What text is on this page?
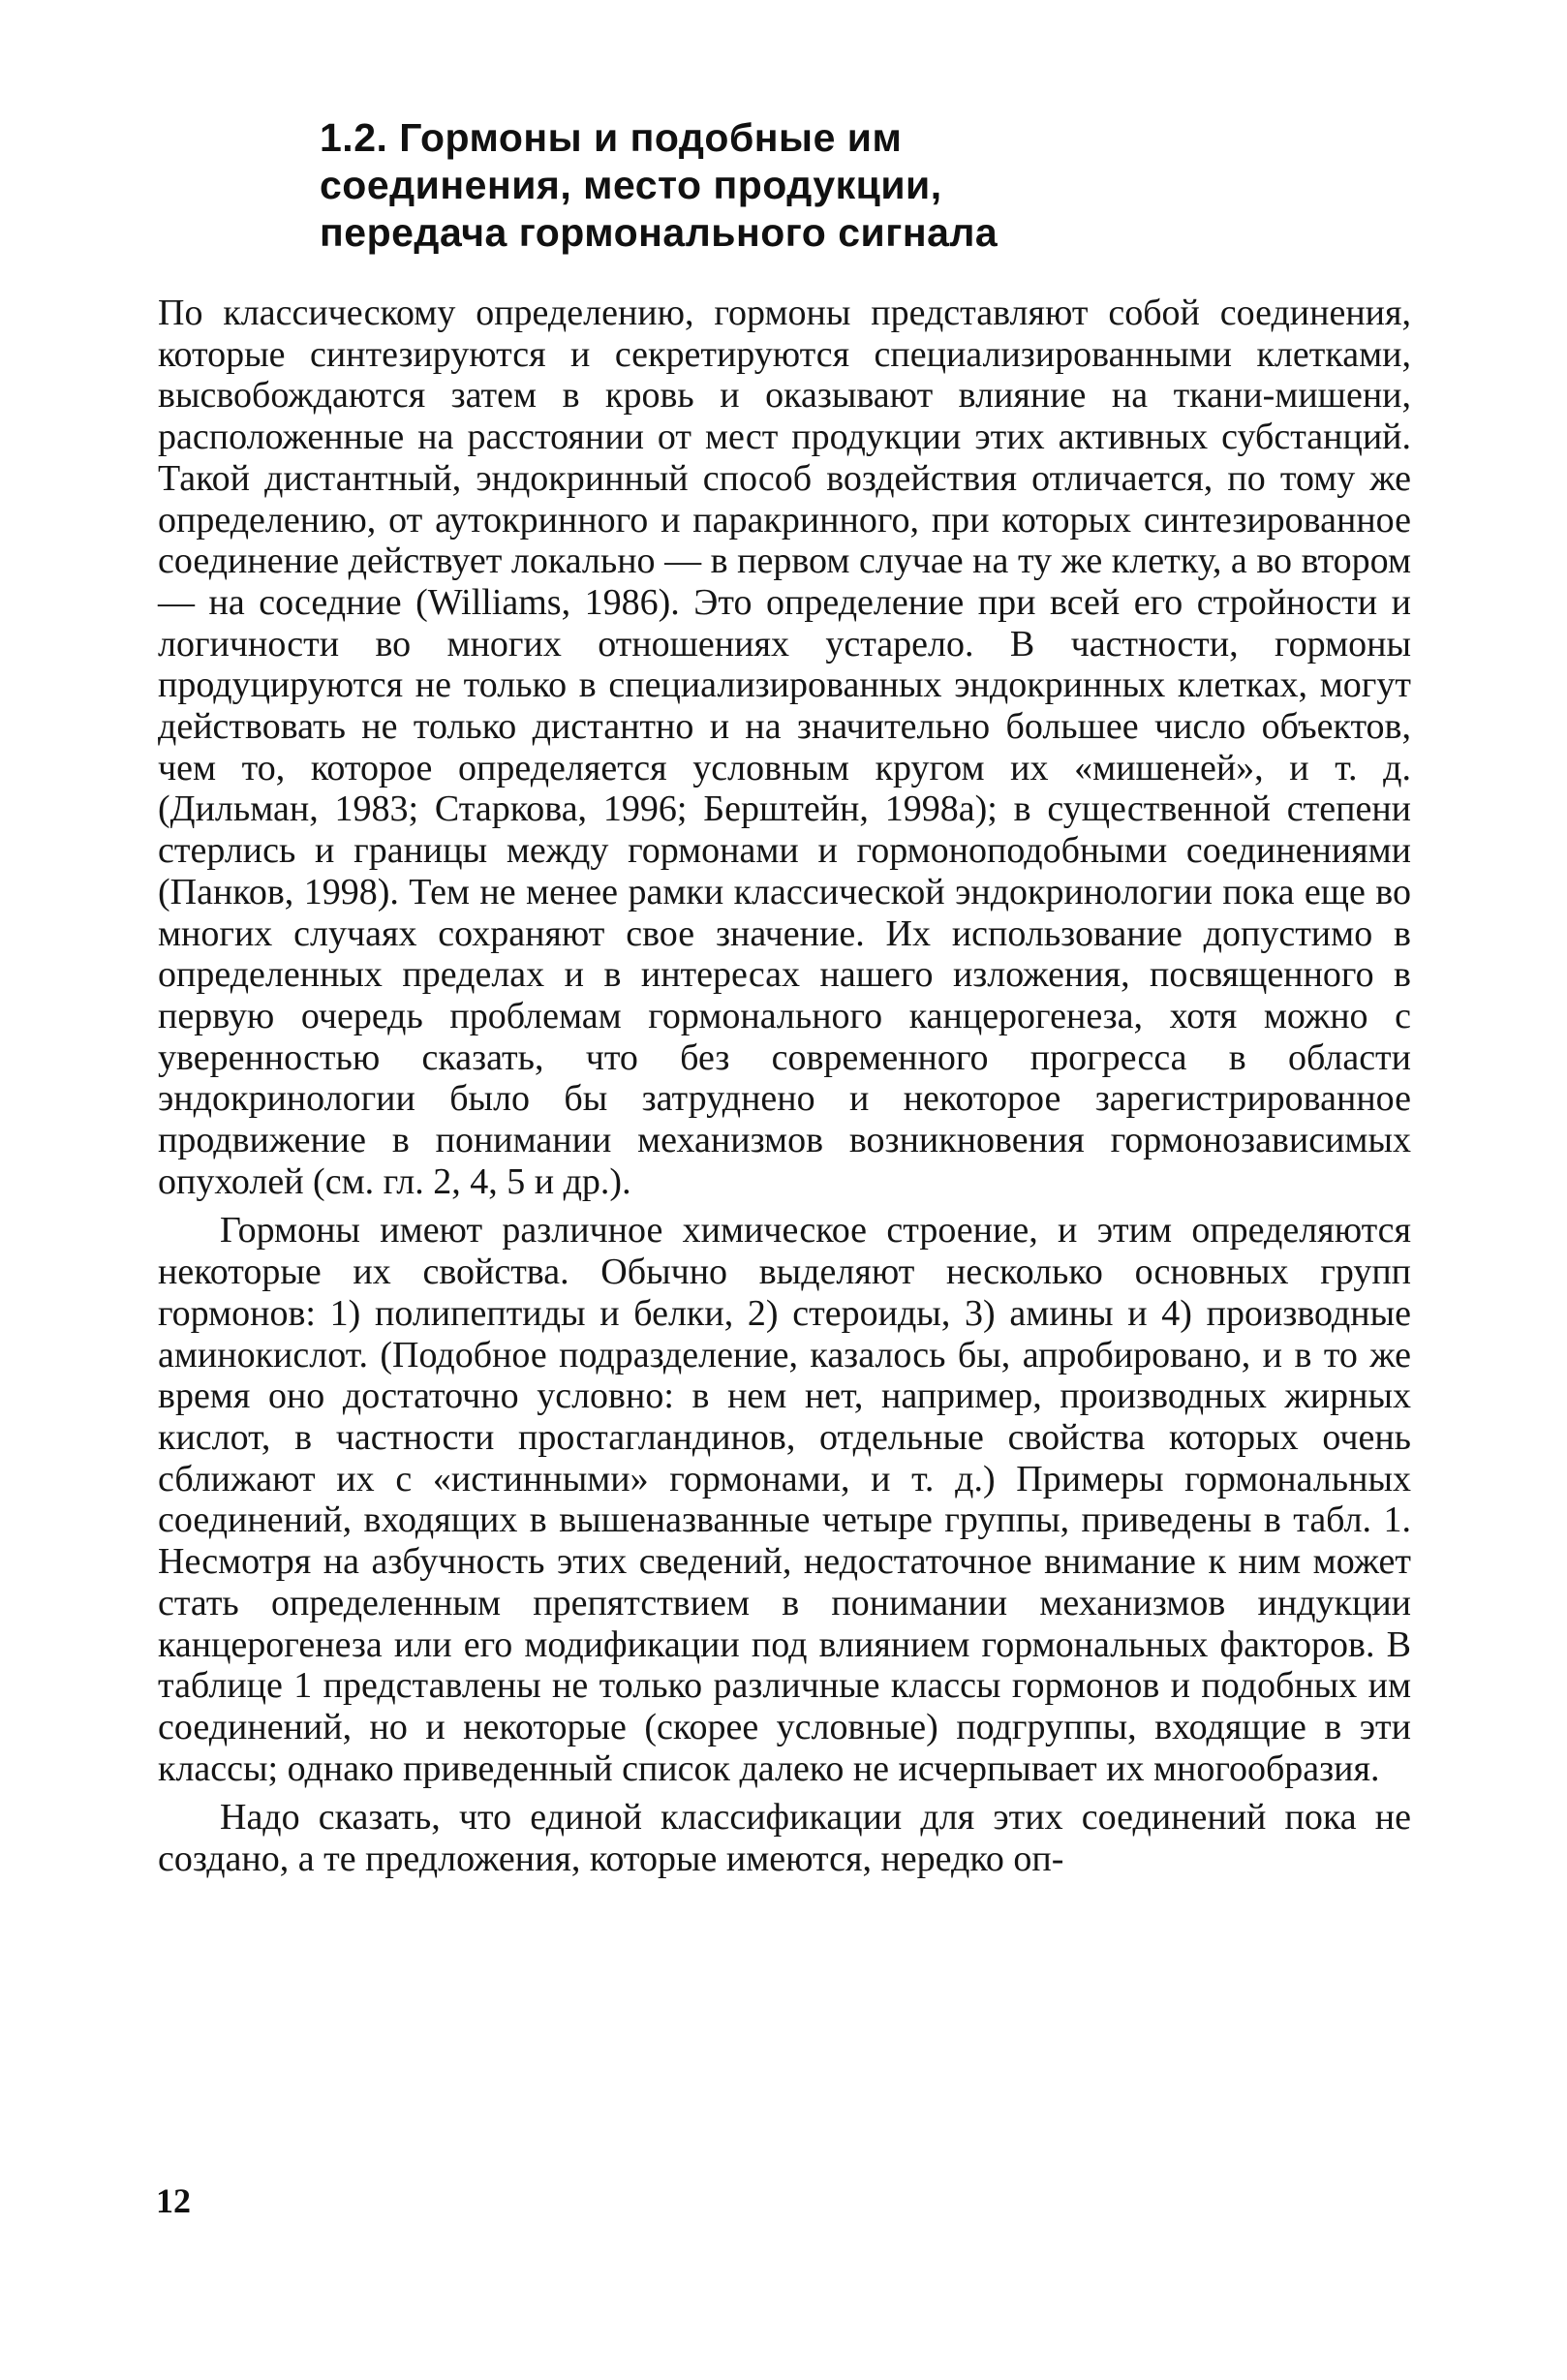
1.2. Гормоны и подобные им
соединения, место продукции,
передача гормонального сигнала

По классическому определению, гормоны представляют собой соединения, которые синтезируются и секретируются специализированными клетками, высвобождаются затем в кровь и оказывают влияние на ткани-мишени, расположенные на расстоянии от мест продукции этих активных субстанций. Такой дистантный, эндокринный способ воздействия отличается, по тому же определению, от аутокринного и паракринного, при которых синтезированное соединение действует локально — в первом случае на ту же клетку, а во втором — на соседние (Williams, 1986). Это определение при всей его стройности и логичности во многих отношениях устарело. В частности, гормоны продуцируются не только в специализированных эндокринных клетках, могут действовать не только дистантно и на значительно большее число объектов, чем то, которое определяется условным кругом их «мишеней», и т. д. (Дильман, 1983; Старкова, 1996; Берштейн, 1998а); в существенной степени стерлись и границы между гормонами и гормоноподобными соединениями (Панков, 1998). Тем не менее рамки классической эндокринологии пока еще во многих случаях сохраняют свое значение. Их использование допустимо в определенных пределах и в интересах нашего изложения, посвященного в первую очередь проблемам гормонального канцерогенеза, хотя можно с уверенностью сказать, что без современного прогресса в области эндокринологии было бы затруднено и некоторое зарегистрированное продвижение в понимании механизмов возникновения гормонозависимых опухолей (см. гл. 2, 4, 5 и др.).

Гормоны имеют различное химическое строение, и этим определяются некоторые их свойства. Обычно выделяют несколько основных групп гормонов: 1) полипептиды и белки, 2) стероиды, 3) амины и 4) производные аминокислот. (Подобное подразделение, казалось бы, апробировано, и в то же время оно достаточно условно: в нем нет, например, производных жирных кислот, в частности простагландинов, отдельные свойства которых очень сближают их с «истинными» гормонами, и т. д.) Примеры гормональных соединений, входящих в вышеназванные четыре группы, приведены в табл. 1. Несмотря на азбучность этих сведений, недостаточное внимание к ним может стать определенным препятствием в понимании механизмов индукции канцерогенеза или его модификации под влиянием гормональных факторов. В таблице 1 представлены не только различные классы гормонов и подобных им соединений, но и некоторые (скорее условные) подгруппы, входящие в эти классы; однако приведенный список далеко не исчерпывает их многообразия.

Надо сказать, что единой классификации для этих соединений пока не создано, а те предложения, которые имеются, нередко оп-

12
